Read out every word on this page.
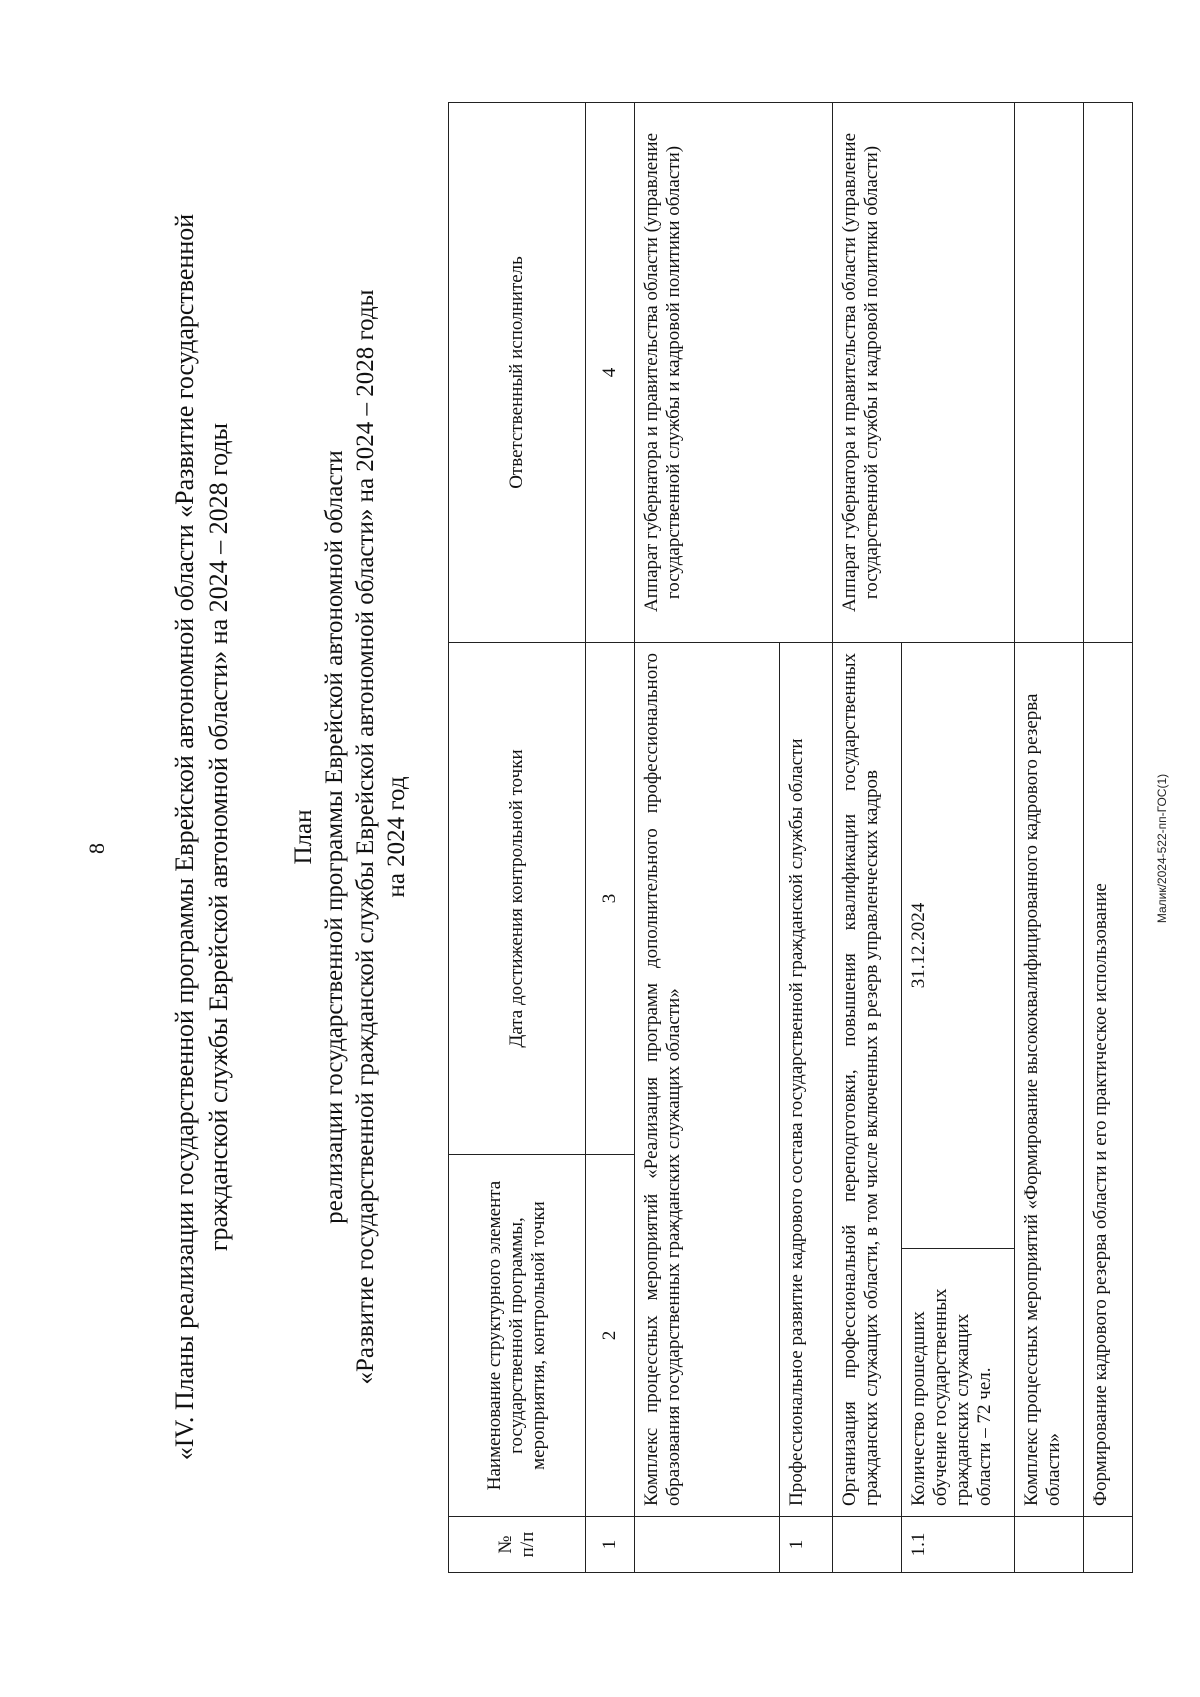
8 «IV. Планы реализации государственной программы Еврейской автономной области «Развитие государственной гражданской службы Еврейской автономной области» на 2024 – 2028 годы План реализации государственной программы Еврейской автономной области «Развитие государственной гражданской службы Еврейской автономной области» на 2024 – 2028 годы на 2024 год
№ п/п	Наименование структурного элемента государственной программы, мероприятия, контрольной точки		Дата достижения контрольной точки	Ответственный исполнитель
1	2		3	4
	Комплекс процессных мероприятий «Реализация программ дополнительного профессионального образования государственных гражданских служащих области»			Аппарат губернатора и правительства области (управление государственной службы и кадровой политики области)
1	Профессиональное развитие кадрового состава государственной гражданской службы области			
	Организация профессиональной переподготовки, повышения квалификации государственных гражданских служащих области, в том числе включенных в резерв управленческих кадров			Аппарат губернатора и правительства области (управление государственной службы и кадровой политики области)
1.1	Количество прошедших обучение государственных гражданских служащих области – 72 чел.	31.12.2024		
	Комплекс процессных мероприятий «Формирование высококвалифицированного кадрового резерва области»			
	Формирование кадрового резерва области и его практическое использование			
Малик/2024-522-пп-ГОС(1)
